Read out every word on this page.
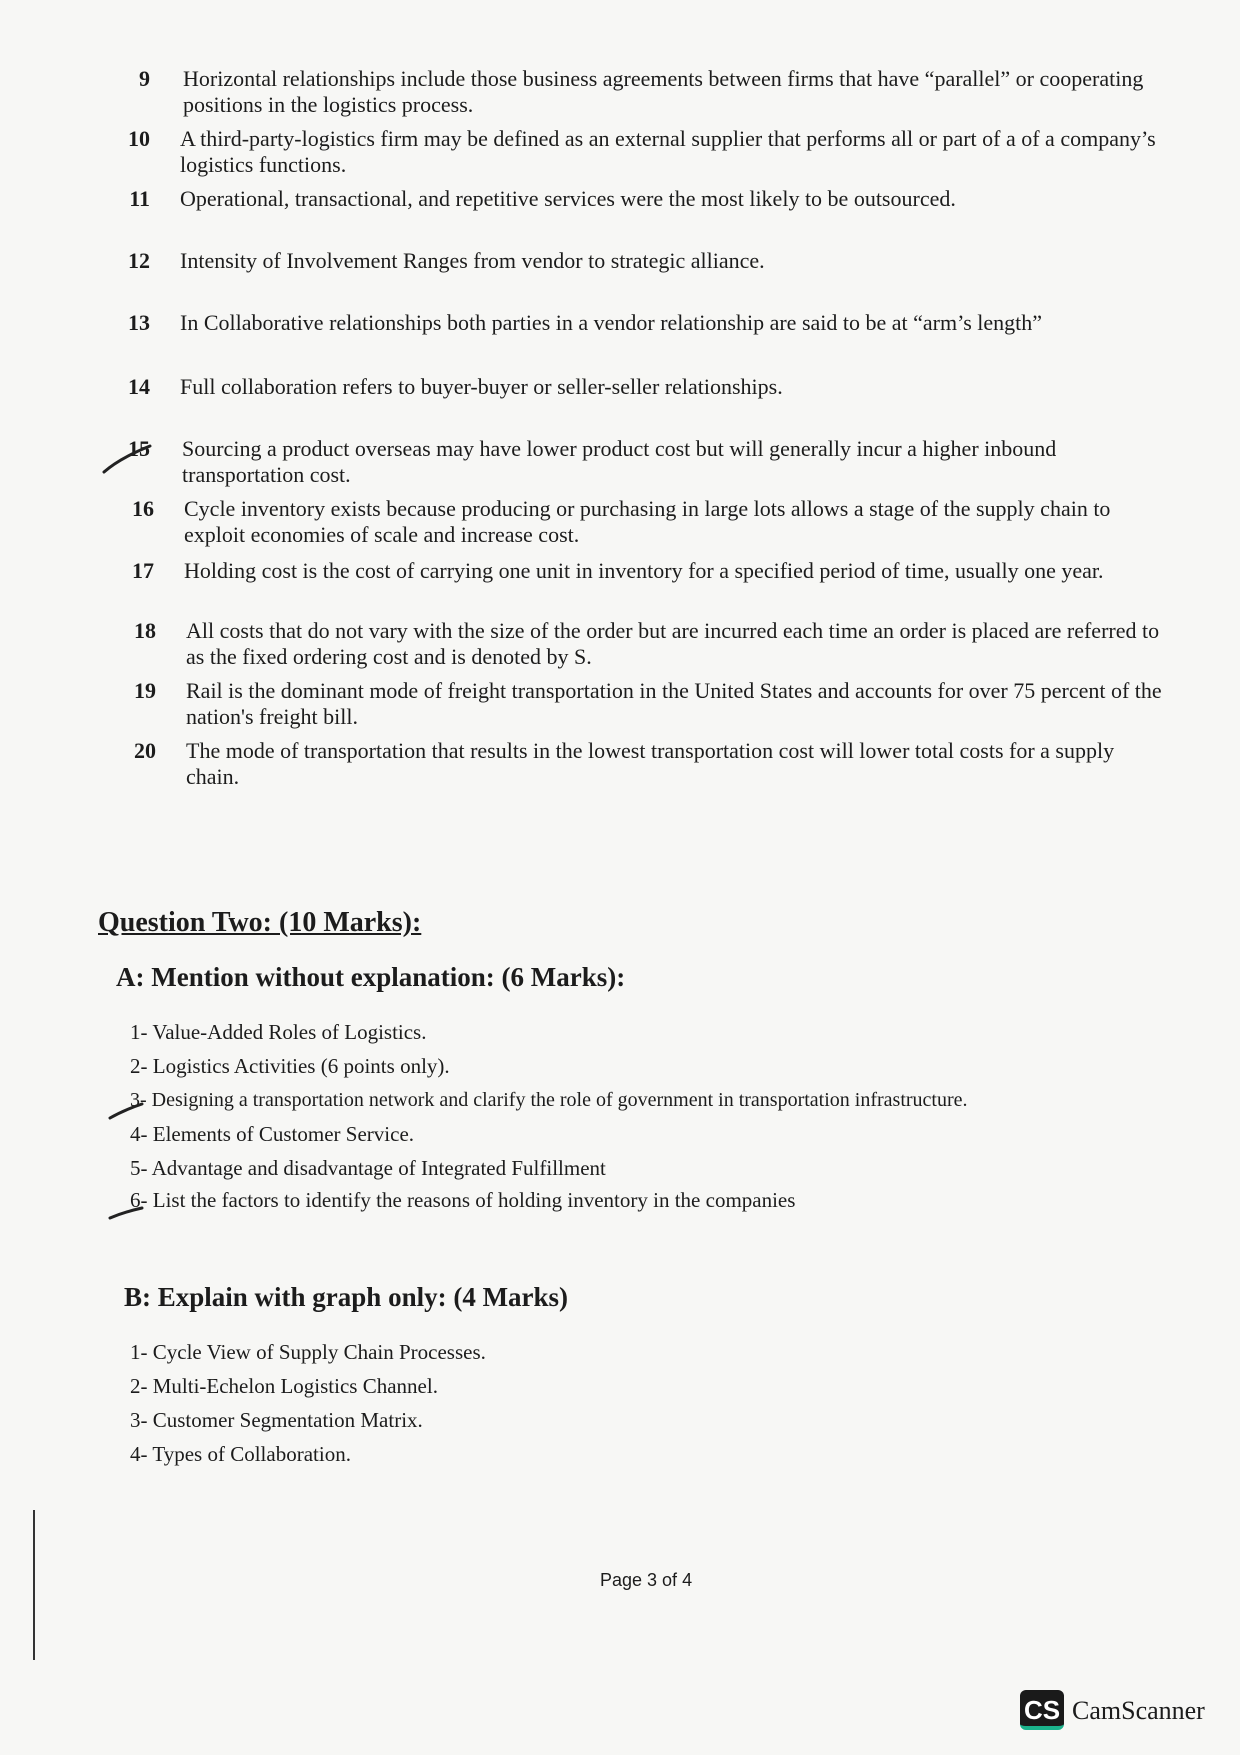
9 Horizontal relationships include those business agreements between firms that have “parallel” or cooperating positions in the logistics process.
10 A third-party-logistics firm may be defined as an external supplier that performs all or part of a of a company’s logistics functions.
11 Operational, transactional, and repetitive services were the most likely to be outsourced.
12 Intensity of Involvement Ranges from vendor to strategic alliance.
13 In Collaborative relationships both parties in a vendor relationship are said to be at “arm’s length”
14 Full collaboration refers to buyer-buyer or seller-seller relationships.
15 Sourcing a product overseas may have lower product cost but will generally incur a higher inbound transportation cost.
16 Cycle inventory exists because producing or purchasing in large lots allows a stage of the supply chain to exploit economies of scale and increase cost.
17 Holding cost is the cost of carrying one unit in inventory for a specified period of time, usually one year.
18 All costs that do not vary with the size of the order but are incurred each time an order is placed are referred to as the fixed ordering cost and is denoted by S.
19 Rail is the dominant mode of freight transportation in the United States and accounts for over 75 percent of the nation's freight bill.
20 The mode of transportation that results in the lowest transportation cost will lower total costs for a supply chain.
Question Two: (10 Marks):
A: Mention without explanation: (6 Marks):
1- Value-Added Roles of Logistics.
2- Logistics Activities (6 points only).
3- Designing a transportation network and clarify the role of government in transportation infrastructure.
4- Elements of Customer Service.
5- Advantage and disadvantage of Integrated Fulfillment
6- List the factors to identify the reasons of holding inventory in the companies
B: Explain with graph only: (4 Marks)
1- Cycle View of Supply Chain Processes.
2- Multi-Echelon Logistics Channel.
3- Customer Segmentation Matrix.
4- Types of Collaboration.
Page 3 of 4
CS CamScanner
